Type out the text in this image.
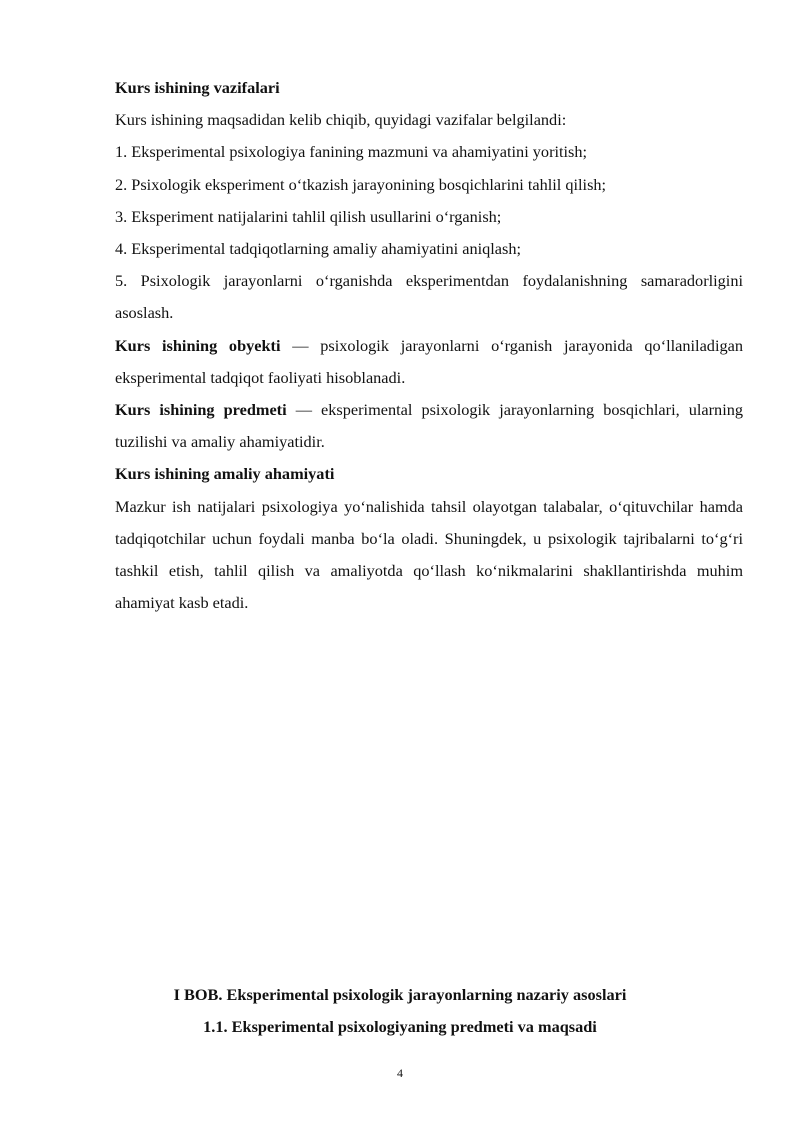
Kurs ishining vazifalari

Kurs ishining maqsadidan kelib chiqib, quyidagi vazifalar belgilandi:

1. Eksperimental psixologiya fanining mazmuni va ahamiyatini yoritish;

2. Psixologik eksperiment o‘tkazish jarayonining bosqichlarini tahlil qilish;

3. Eksperiment natijalarini tahlil qilish usullarini o‘rganish;

4. Eksperimental tadqiqotlarning amaliy ahamiyatini aniqlash;

5. Psixologik jarayonlarni o‘rganishda eksperimentdan foydalanishning samaradorligini asoslash.

Kurs ishining obyekti — psixologik jarayonlarni o‘rganish jarayonida qo‘llaniladigan eksperimental tadqiqot faoliyati hisoblanadi.

Kurs ishining predmeti — eksperimental psixologik jarayonlarning bosqichlari, ularning tuzilishi va amaliy ahamiyatidir.

Kurs ishining amaliy ahamiyati

Mazkur ish natijalari psixologiya yo‘nalishida tahsil olayotgan talabalar, o‘qituvchilar hamda tadqiqotchilar uchun foydali manba bo‘la oladi. Shuningdek, u psixologik tajribalarni to‘g‘ri tashkil etish, tahlil qilish va amaliyotda qo‘llash ko‘nikmalarini shakllantirishda muhim ahamiyat kasb etadi.

I BOB. Eksperimental psixologik jarayonlarning nazariy asoslari
1.1. Eksperimental psixologiyaning predmeti va maqsadi
4
